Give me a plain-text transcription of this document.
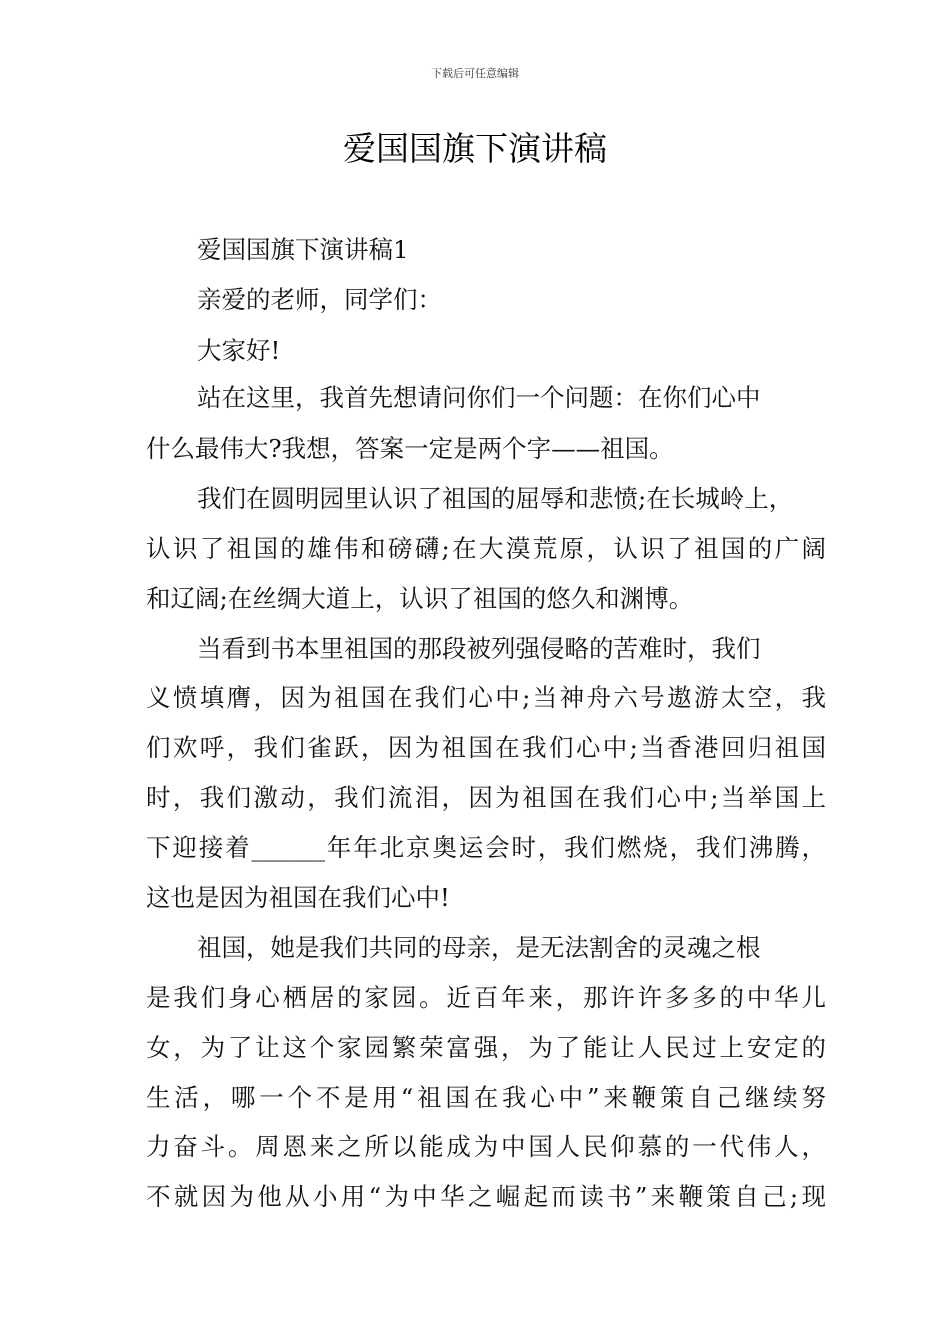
下载后可任意编辑
爱国国旗下演讲稿
爱国国旗下演讲稿1
亲爱的老师，同学们：
大家好!
站在这里，我首先想请问你们一个问题：在你们心中
什么最伟大?我想，答案一定是两个字——祖国。
我们在圆明园里认识了祖国的屈辱和悲愤;在长城岭上，
认识了祖国的雄伟和磅礴;在大漠荒原，认识了祖国的广阔
和辽阔;在丝绸大道上，认识了祖国的悠久和渊博。
当看到书本里祖国的那段被列强侵略的苦难时，我们
义愤填膺，因为祖国在我们心中;当神舟六号遨游太空，我
们欢呼，我们雀跃，因为祖国在我们心中;当香港回归祖国
时，我们激动，我们流泪，因为祖国在我们心中;当举国上
下迎接着______年年北京奥运会时，我们燃烧，我们沸腾，
这也是因为祖国在我们心中!
祖国，她是我们共同的母亲，是无法割舍的灵魂之根
是我们身心栖居的家园。近百年来，那许许多多的中华儿
女，为了让这个家园繁荣富强，为了能让人民过上安定的
生活，哪一个不是用“祖国在我心中”来鞭策自己继续努
力奋斗。周恩来之所以能成为中国人民仰慕的一代伟人，
不就因为他从小用“为中华之崛起而读书”来鞭策自己;现
